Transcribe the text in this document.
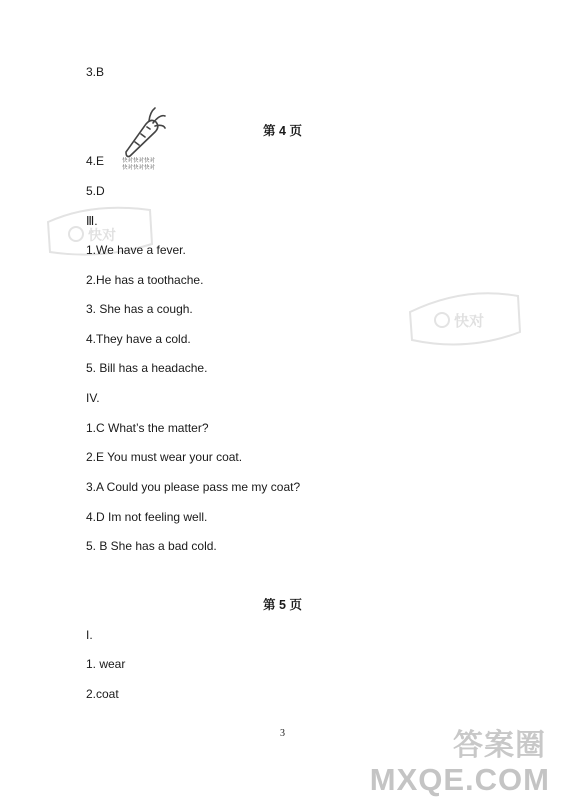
快对快对快对
快对快对快对
快对
快对
答案圈
MXQE.COM
3.B
第 4 页
4.E
5.D
Ⅲ.
1.We have a fever.
2.He has a toothache.
3. She has a cough.
4.They have a cold.
5. Bill has a headache.
IV.
1.C What’s the matter?
2.E You must wear your coat.
3.A Could you please pass me my coat?
4.D Im not feeling well.
5. B She has a bad cold.
第 5 页
I.
1. wear
2.coat
3
